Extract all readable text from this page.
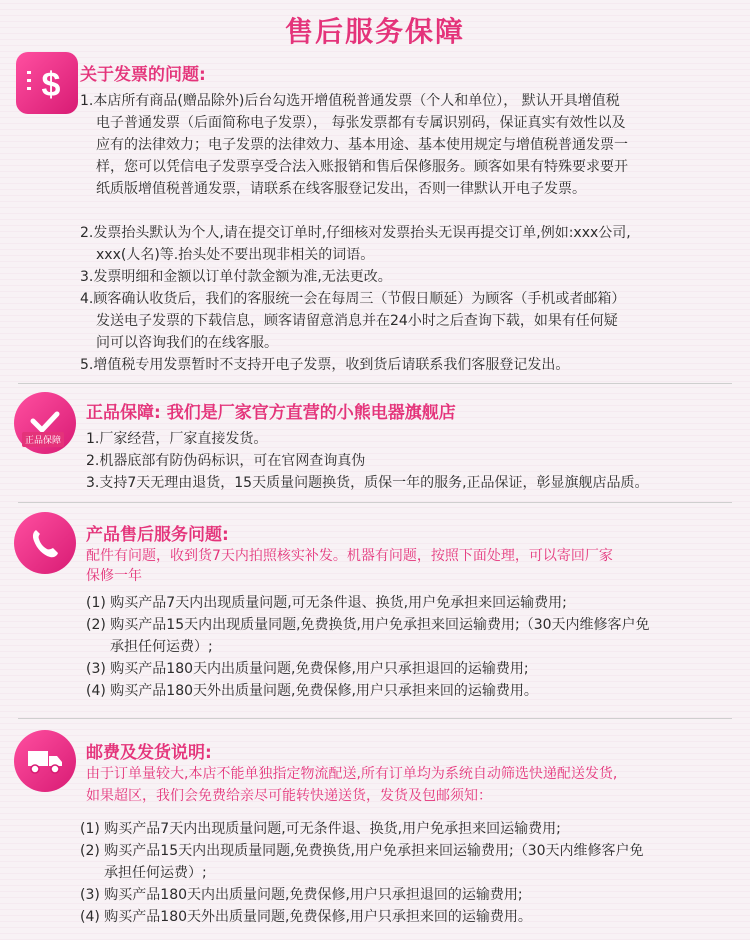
售后服务保障
$ 关于发票的问题:
1.本店所有商品(赠品除外)后台勾选开增值税普通发票（个人和单位）， 默认开具增值税
电子普通发票（后面简称电子发票）， 每张发票都有专属识别码，保证真实有效性以及
应有的法律效力；电子发票的法律效力、基本用途、基本使用规定与增值税普通发票一
样，您可以凭信电子发票享受合法入账报销和售后保修服务。顾客如果有特殊要求要开
纸质版增值税普通发票，请联系在线客服登记发出，否则一律默认开电子发票。
2.发票抬头默认为个人,请在提交订单时,仔细核对发票抬头无误再提交订单,例如:xxx公司,
xxx(人名)等.抬头处不要出现非相关的词语。
3.发票明细和金额以订单付款金额为准,无法更改。
4.顾客确认收货后，我们的客服统一会在每周三（节假日顺延）为顾客（手机或者邮箱）
发送电子发票的下载信息，顾客请留意消息并在24小时之后查询下载，如果有任何疑
问可以咨询我们的在线客服。
5.增值税专用发票暂时不支持开电子发票，收到货后请联系我们客服登记发出。
正品保障
正品保障: 我们是厂家官方直营的小熊电器旗舰店
1.厂家经营，厂家直接发货。
2.机器底部有防伪码标识，可在官网查询真伪
3.支持7天无理由退货，15天质量问题换货，质保一年的服务,正品保证，彰显旗舰店品质。
产品售后服务问题:
配件有问题，收到货7天内拍照核实补发。机器有问题，按照下面处理，可以寄回厂家
保修一年
(1) 购买产品7天内出现质量问题,可无条件退、换货,用户免承担来回运输费用;
(2) 购买产品15天内出现质量同题,免费换货,用户免承担来回运输费用;（30天内维修客户免
承担任何运费）;
(3) 购买产品180天内出质量问题,免费保修,用户只承担退回的运输费用;
(4) 购买产品180天外出质量问题,免费保修,用户只承担来回的运输费用。
邮费及发货说明:
由于订单量较大,本店不能单独指定物流配送,所有订单均为系统自动筛选快递配送发货,
如果超区，我们会免费给亲尽可能转快递送货，发货及包邮须知：
(1) 购买产品7天内出现质量问题,可无条件退、换货,用户免承担来回运输费用;
(2) 购买产品15天内出现质量同题,免费换货,用户免承担来回运输费用;（30天内维修客户免
承担任何运费）;
(3) 购买产品180天内出质量问题,免费保修,用户只承担退回的运输费用;
(4) 购买产品180天外出质量同题,免费保修,用户只承担来回的运输费用。
